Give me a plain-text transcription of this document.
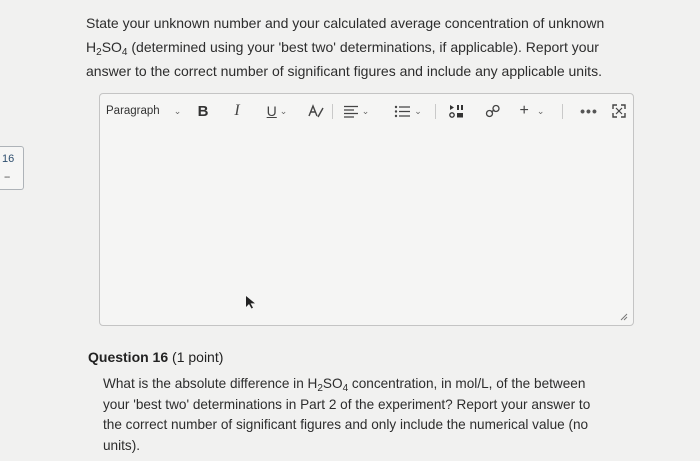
State your unknown number and your calculated average concentration of unknown $H_2SO_4$ (determined using your 'best two' determinations, if applicable). Report your answer to the correct number of significant figures and include any applicable units.
Paragraph ⌄ B I U ⌄	⌄	⌄	+ ⌄	•••
16
--
Question 16 (1 point)
What is the absolute difference in $H_2SO_4$ concentration, in mol/L, of the between your 'best two' determinations in Part 2 of the experiment? Report your answer to the correct number of significant figures and only include the numerical value (no units).
